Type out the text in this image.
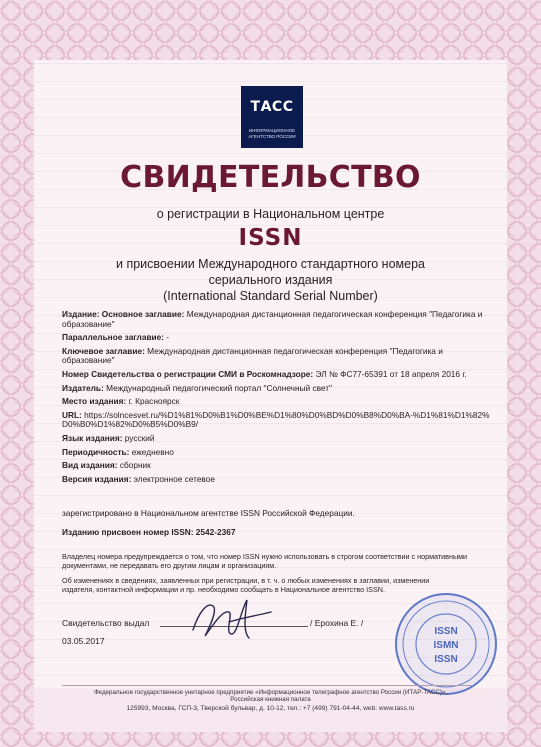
ТАСС
ИНФОРМАЦИОННОЕ АГЕНТСТВО РОССИИ
СВИДЕТЕЛЬСТВО
о регистрации в Национальном центре
ISSN
и присвоении Международного стандартного номера
сериального издания
(International Standard Serial Number)
Издание: Основное заглавие: Международная дистанционная педагогическая конференция "Педагогика и образование"
Параллельное заглавие: -
Ключевое заглавие: Международная дистанционная педагогическая конференция "Педагогика и образование"
Номер Свидетельства о регистрации СМИ в Роскомнадзоре: ЭЛ № ФС77-65391 от 18 апреля 2016 г.
Издатель: Международный педагогический портал "Солнечный свет"
Место издания: г. Красноярск
URL: https://solncesvet.ru/%D1%81%D0%B1%D0%BE%D1%80%D0%BD%D0%B8%D0%BA-%D1%81%D1%82%D0%B0%D1%82%D0%B5%D0%B9/
Язык издания: русский
Периодичность: ежедневно
Вид издания: сборник
Версия издания: электронное сетевое
зарегистрировано в Национальном агентстве ISSN Российской Федерации.
Изданию присвоен номер ISSN: 2542-2367
Владелец номера предупреждается о том, что номер ISSN нужно использовать в строгом соответствии с нормативными документами, не передавать его другим лицам и организациям.
Об изменениях в сведениях, заявленных при регистрации, в т. ч. о любых изменениях в заглавии, изменении издателя, контактной информации и пр. необходимо сообщать в Национальное агентство ISSN.
Свидетельство выдал	/ Ерохина Е. /
03.05.2017
ISSN
ISMN
ISSN
Федеральное государственное унитарное предприятие «Информационное телеграфное агентство России (ИТАР-ТАСС)»,
Российская книжная палата
125993, Москва, ГСП-3, Тверской бульвар, д. 10-12, тел.: +7 (499) 791-04-44, web: www.tass.ru
